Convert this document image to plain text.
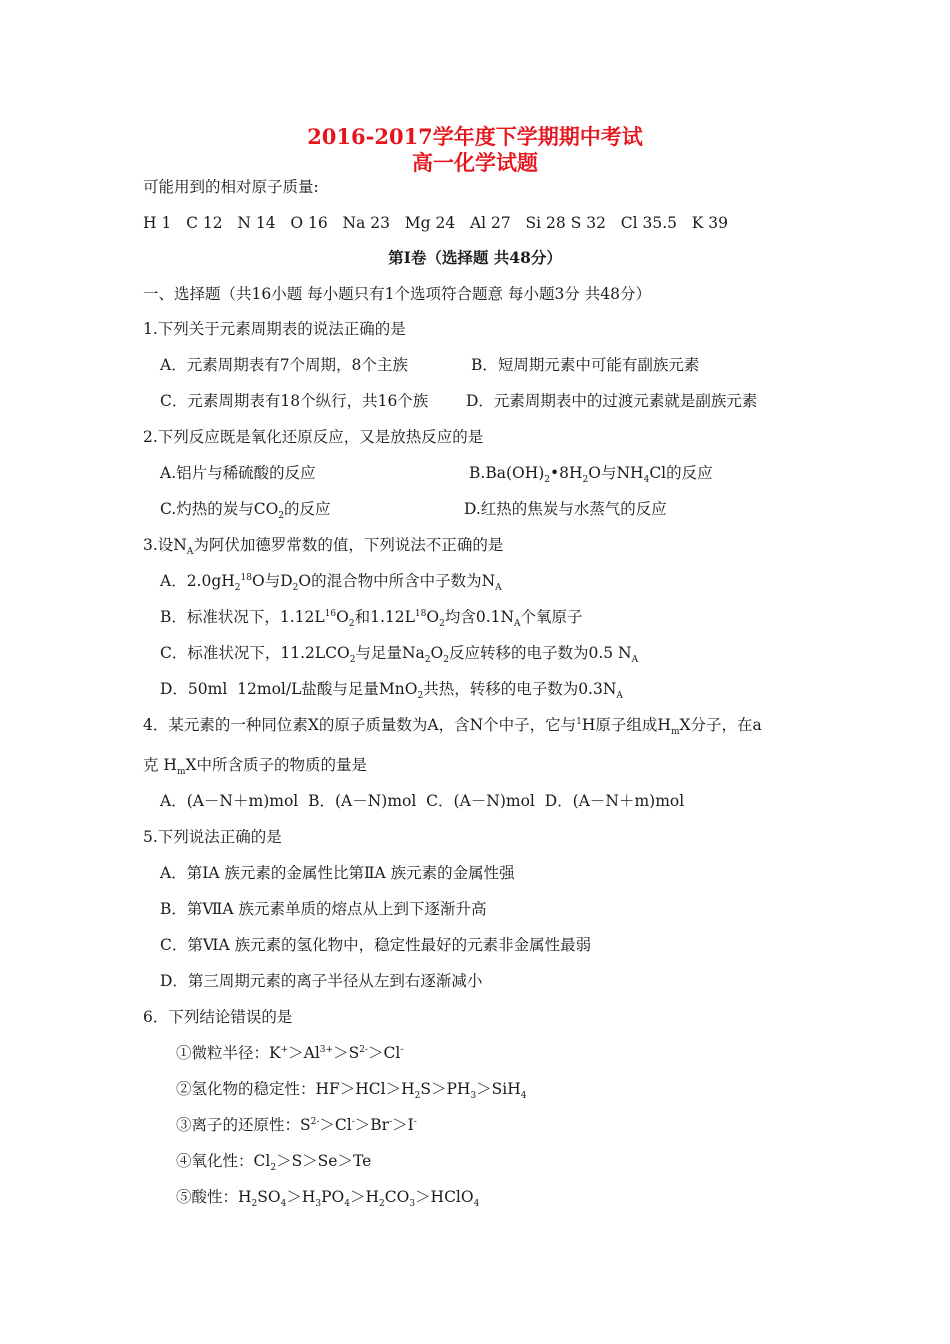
2016-2017学年度下学期期中考试
高一化学试题
可能用到的相对原子质量:
H 1   C 12   N 14   O 16   Na 23   Mg 24   Al 27   Si 28 S 32   Cl 35.5   K 39
第Ⅰ卷（选择题 共48分）
一、选择题（共16小题 每小题只有1个选项符合题意 每小题3分 共48分）
1.下列关于元素周期表的说法正确的是
A．元素周期表有7个周期，8个主族	B．短周期元素中可能有副族元素
C．元素周期表有18个纵行，共16个族 D．元素周期表中的过渡元素就是副族元素
2.下列反应既是氧化还原反应，又是放热反应的是
A.铝片与稀硫酸的反应	$B.Ba(OH)_2•8H_2O$与$NH_4Cl$的反应
C.灼热的炭与$CO_2$的反应	D.红热的焦炭与水蒸气的反应
3.设$N_A$为阿伏加德罗常数的值，下列说法不正确的是
A．$2.0gH_2^{18}O$与$D_2O$的混合物中所含中子数为$N_A$
B．标准状况下，$1.12L^{16}O_2$和$1.12L^{18}O_2$均含$0.1N_A$个氧原子
C．标准状况下，$11.2LCO_2$与足量$Na_2O_2$反应转移的电子数为0.5 $N_A$
D．50ml  12mol/L盐酸与足量MnO$_2$共热，转移的电子数为$0.3N_A$
4．某元素的一种同位素X的原子质量数为A，含N个中子，它与$^1$H原子组成$H_mX$分子，在a
克 $H_mX$中所含质子的物质的量是
A．(A－N＋m)mol  B．(A－N)mol  C．(A－N)mol  D．(A－N＋m)mol
5.下列说法正确的是
A．第ⅠA 族元素的金属性比第ⅡA 族元素的金属性强
B．第ⅦA 族元素单质的熔点从上到下逐渐升高
C．第ⅥA 族元素的氢化物中，稳定性最好的元素非金属性最弱
D．第三周期元素的离子半径从左到右逐渐减小
6．下列结论错误的是
①微粒半径：$K^+>Al^{3+}>S^{2-}>Cl^-$
②氢化物的稳定性：$HF>HCl>H_2S>PH_3>SiH_4$
③离子的还原性：$S^{2-}>Cl^->Br^->I^-$
④氧化性：$Cl_2>S>Se>Te$
⑤酸性：$H_2SO_4>H_3PO_4>H_2CO_3>HClO_4$
